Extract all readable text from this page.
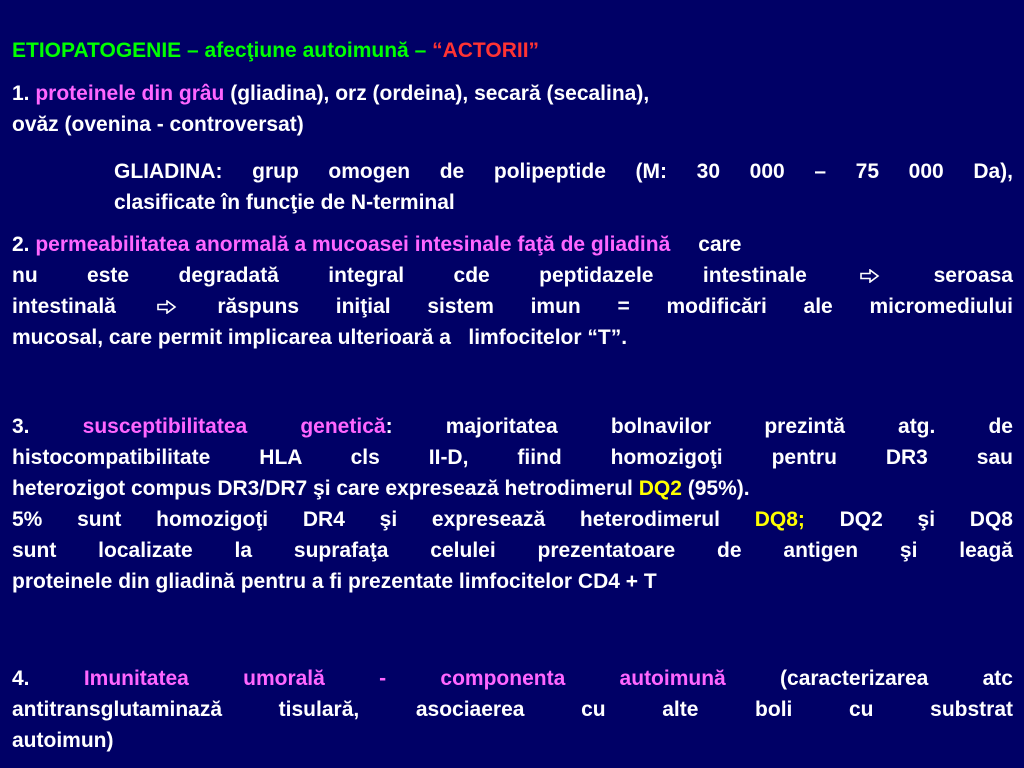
ETIOPATOGENIE – afecţiune autoimună – “ACTORII”

1. proteinele din grâu (gliadina), orz (ordeina), secară (secalina),
ovăz (ovenina - controversat)
GLIADINA: grup omogen de polipeptide (M: 30 000 – 75 000 Da),
clasificate în funcţie de N-terminal
2. permeabilitatea anormală a mucoasei intesinale faţă de gliadină care
nu este degradată integral cde peptidazele intestinale	seroasa
intestinală	răspuns iniţial sistem imun = modificări ale micromediului
mucosal, care permit implicarea ulterioară a   limfocitelor “T”.
3. susceptibilitatea genetică: majoritatea bolnavilor prezintă atg. de
histocompatibilitate HLA cls II-D, fiind homozigoţi pentru DR3 sau
heterozigot compus DR3/DR7 şi care expresează hetrodimerul DQ2 (95%).
5% sunt homozigoţi DR4 şi expresează heterodimerul DQ8; DQ2 şi DQ8
sunt localizate la suprafaţa celulei prezentatoare de antigen şi leagă
proteinele din gliadină pentru a fi prezentate limfocitelor CD4 + T
4. Imunitatea umorală -	componenta autoimună	(caracterizarea atc
antitransglutaminază tisulară, asociaerea cu alte boli cu substrat
autoimun)
